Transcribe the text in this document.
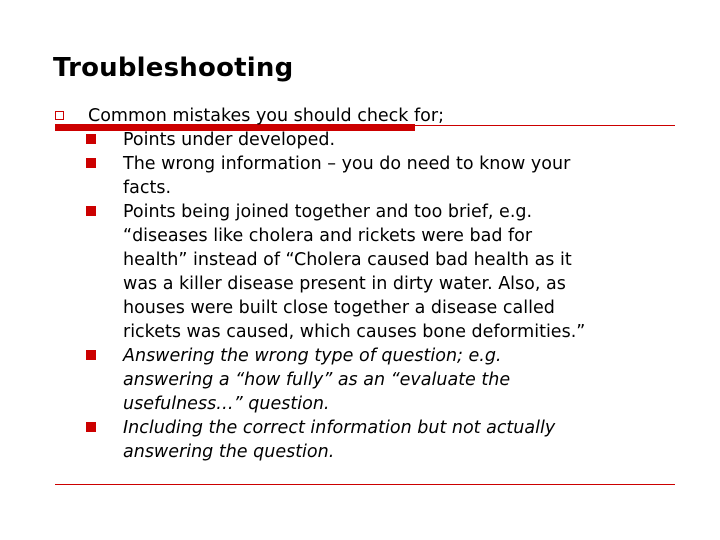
Troubleshooting
Common mistakes you should check for;
Points under developed.
The wrong information – you do need to know your
facts.
Points being joined together and too brief, e.g.
“diseases like cholera and rickets were bad for
health” instead of “Cholera caused bad health as it
was a killer disease present in dirty water. Also, as
houses were built close together a disease called
rickets was caused, which causes bone deformities.”
Answering the wrong type of question; e.g.
answering a “how fully” as an “evaluate the
usefulness…” question.
Including the correct information but not actually
answering the question.
